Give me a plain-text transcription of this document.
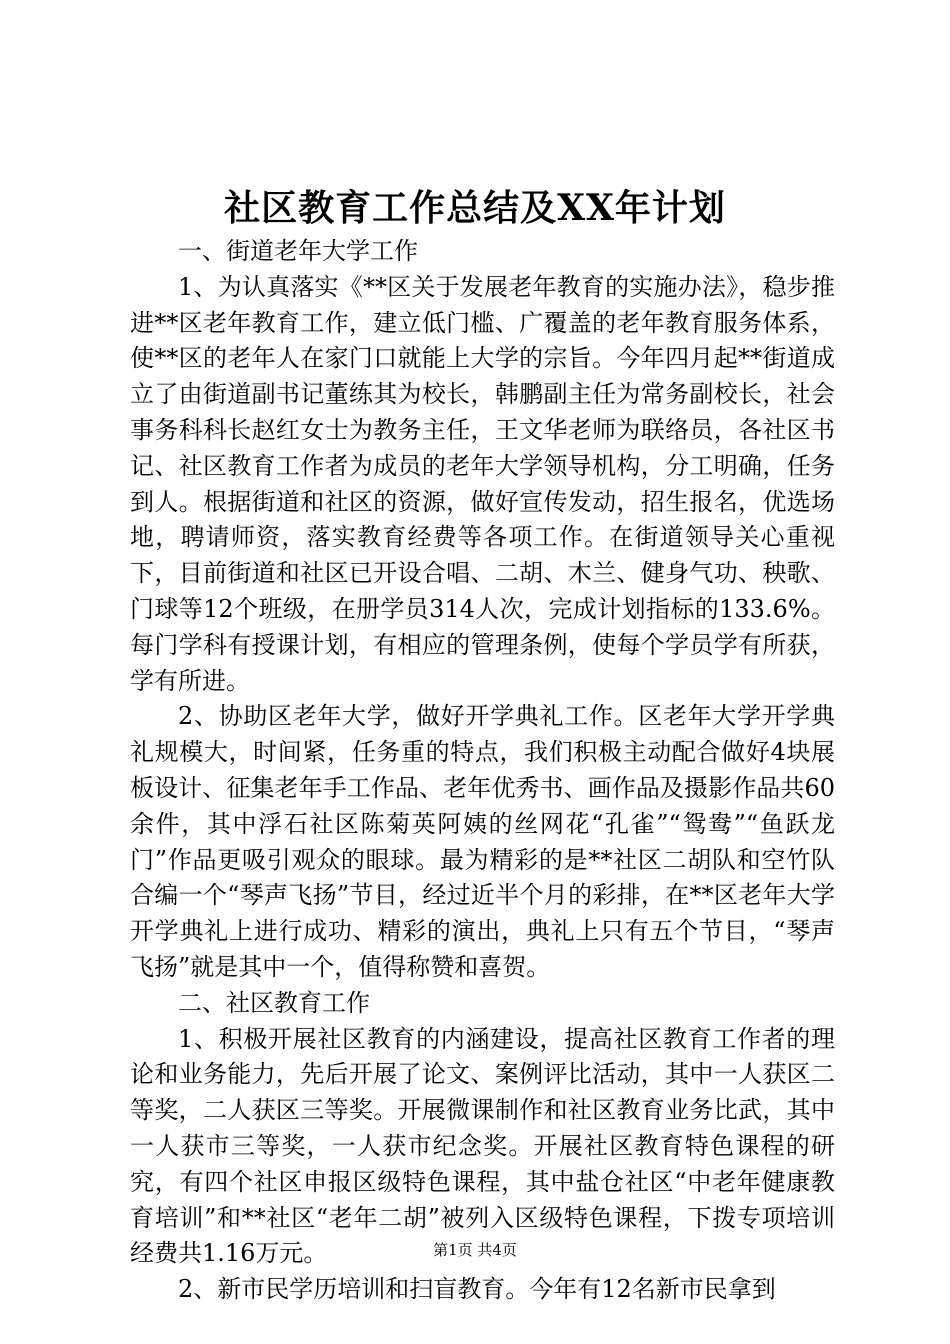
社区教育工作总结及XX年计划

一、街道老年大学工作

1、为认真落实《**区关于发展老年教育的实施办法》，稳步推进**区老年教育工作，建立低门槛、广覆盖的老年教育服务体系，使**区的老年人在家门口就能上大学的宗旨。今年四月起**街道成立了由街道副书记董练其为校长，韩鹏副主任为常务副校长，社会事务科科长赵红女士为教务主任，王文华老师为联络员，各社区书记、社区教育工作者为成员的老年大学领导机构，分工明确，任务到人。根据街道和社区的资源，做好宣传发动，招生报名，优选场地，聘请师资，落实教育经费等各项工作。在街道领导关心重视下，目前街道和社区已开设合唱、二胡、木兰、健身气功、秧歌、门球等12个班级，在册学员314人次，完成计划指标的133.6%。每门学科有授课计划，有相应的管理条例，使每个学员学有所获，学有所进。

2、协助区老年大学，做好开学典礼工作。区老年大学开学典礼规模大，时间紧，任务重的特点，我们积极主动配合做好4块展板设计、征集老年手工作品、老年优秀书、画作品及摄影作品共60余件，其中浮石社区陈菊英阿姨的丝网花“孔雀”“鸳鸯”“鱼跃龙门”作品更吸引观众的眼球。最为精彩的是**社区二胡队和空竹队合编一个“琴声飞扬”节目，经过近半个月的彩排，在**区老年大学开学典礼上进行成功、精彩的演出，典礼上只有五个节目，“琴声飞扬”就是其中一个，值得称赞和喜贺。

二、社区教育工作

1、积极开展社区教育的内涵建设，提高社区教育工作者的理论和业务能力，先后开展了论文、案例评比活动，其中一人获区二等奖，二人获区三等奖。开展微课制作和社区教育业务比武，其中一人获市三等奖，一人获市纪念奖。开展社区教育特色课程的研究，有四个社区申报区级特色课程，其中盐仓社区“中老年健康教育培训”和**社区“老年二胡”被列入区级特色课程，下拨专项培训经费共1.16万元。

2、新市民学历培训和扫盲教育。今年有12名新市民拿到

第1页 共4页
